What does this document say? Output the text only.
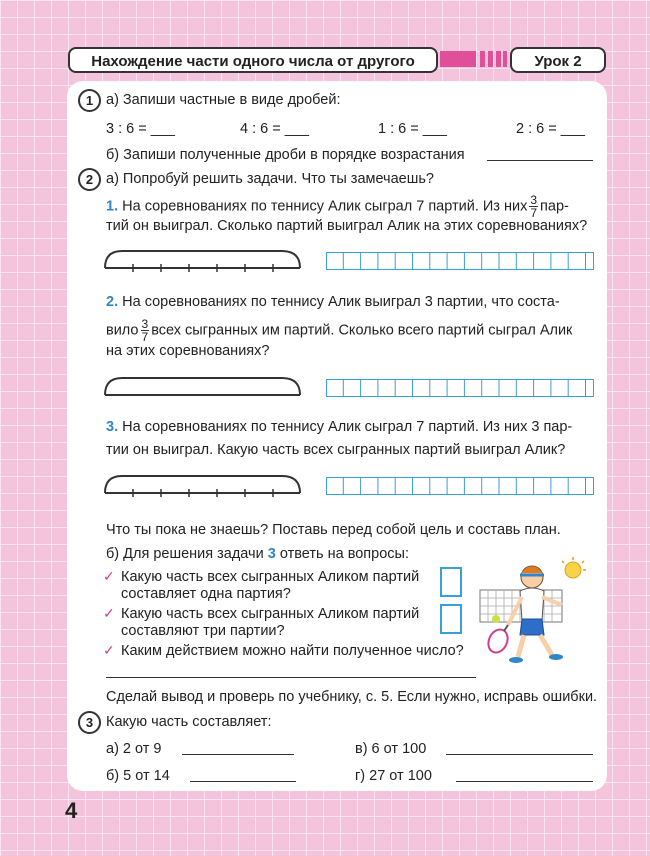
Нахождение части одного числа от другого	Урок 2
1 а) Запиши частные в виде дробей:
3 : 6 = ___	4 : 6 = ___	1 : 6 = ___	2 : 6 = ___
б) Запиши полученные дроби в порядке возрастания
2 а) Попробуй решить задачи. Что ты замечаешь?
1. На соревнованиях по теннису Алик сыграл 7 партий. Из них $\frac{3}{7} пар-$
тий он выиграл. Сколько партий выиграл Алик на этих соревнованиях?
2. На соревнованиях по теннису Алик выиграл 3 партии, что соста-
вило $\frac{3}{7}$ всех сыгранных им партий. Сколько всего партий сыграл Алик
на этих соревнованиях?
3. На соревнованиях по теннису Алик сыграл 7 партий. Из них 3 пар-
тии он выиграл. Какую часть всех сыгранных партий выиграл Алик?
Что ты пока не знаешь? Поставь перед собой цель и составь план.
б) Для решения задачи 3 ответь на вопросы:
✓ Какую часть всех сыгранных Аликом партий
составляет одна партия?
✓ Какую часть всех сыгранных Аликом партий
составляют три партии?
✓ Каким действием можно найти полученное число?
Сделай вывод и проверь по учебнику, с. 5. Если нужно, исправь ошибки.
3 Какую часть составляет:
а) 2 от 9
б) 5 от 14
в) 6 от 100
г) 27 от 100
4
